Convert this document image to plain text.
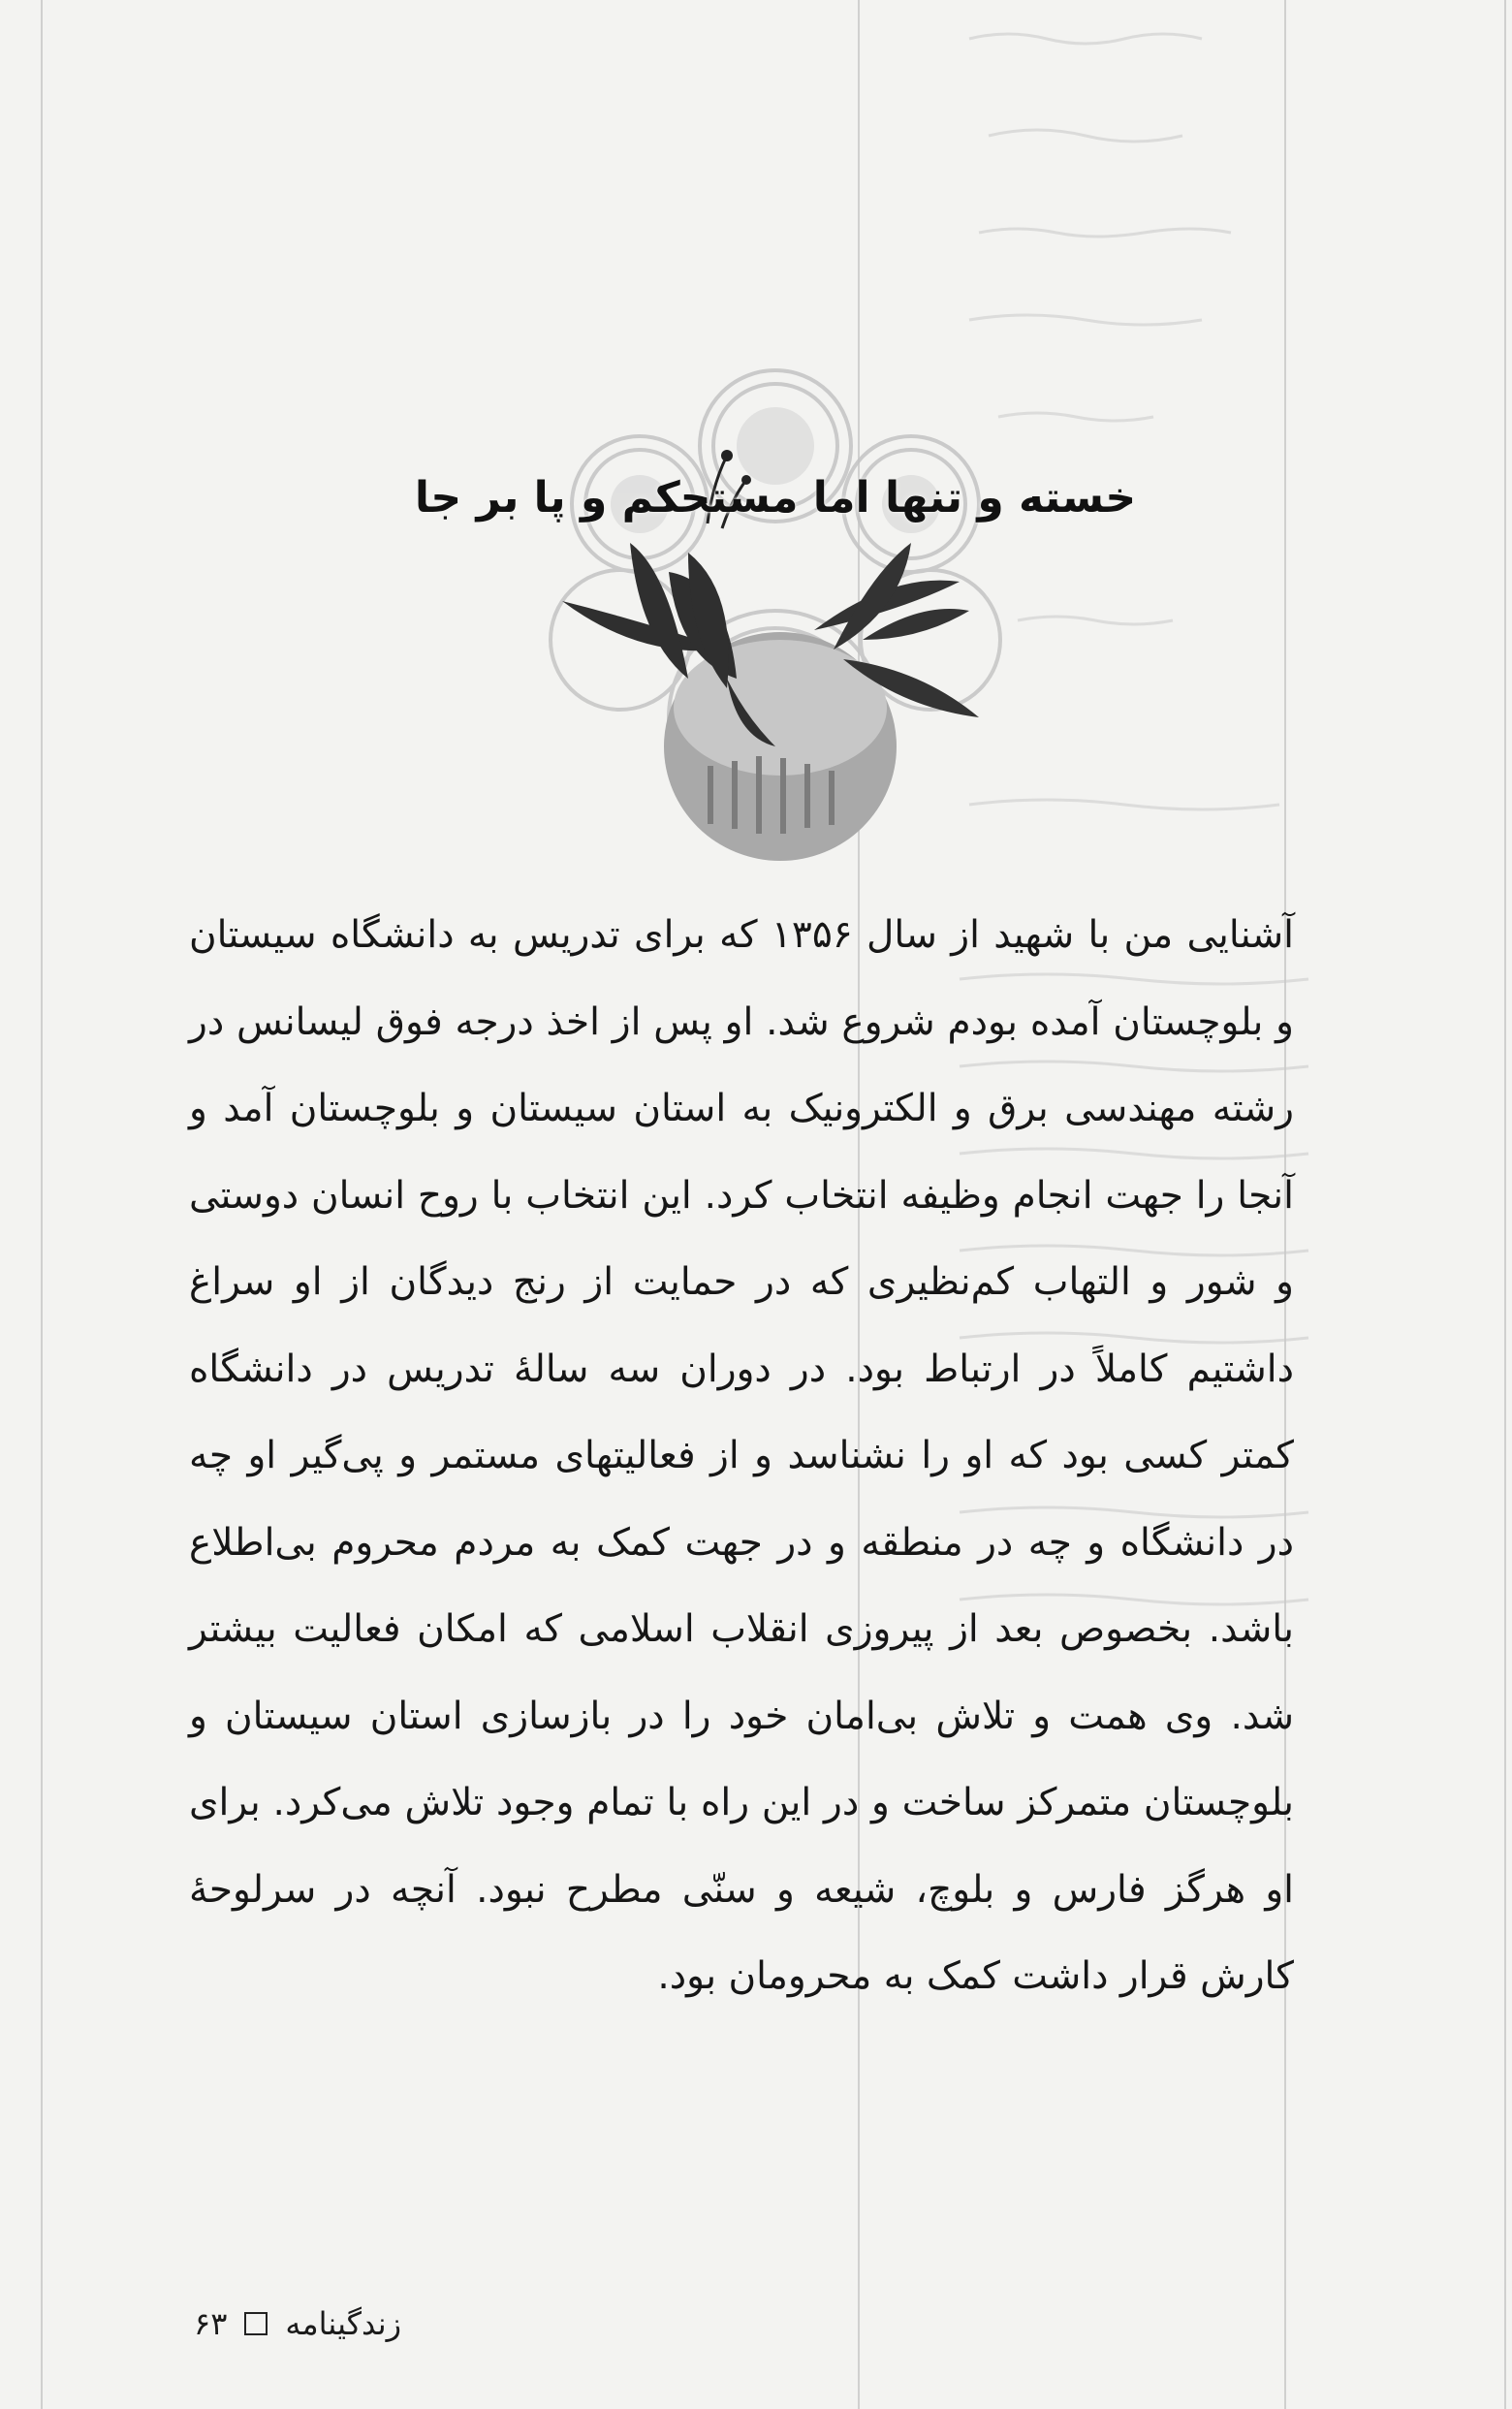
خسته و تنها اما مستحکم و پا بر جا
آشنایی من با شهید از سال ۱۳۵۶ که برای تدریس به دانشگاه سیستان و بلوچستان آمده بودم شروع شد. او پس از اخذ درجه فوق لیسانس در رشته مهندسی برق و الکترونیک به استان سیستان و بلوچستان آمد و آنجا را جهت انجام وظیفه انتخاب کرد. این انتخاب با روح انسان دوستی و شور و التهاب کم‌نظیری که در حمایت از رنج دیدگان از او سراغ داشتیم کاملاً در ارتباط بود. در دوران سه سالهٔ تدریس در دانشگاه کمتر کسی بود که او را نشناسد و از فعالیتهای مستمر و پی‌گیر او چه در دانشگاه و چه در منطقه و در جهت کمک به مردم محروم بی‌اطلاع باشد. بخصوص بعد از پیروزی انقلاب اسلامی که امکان فعالیت بیشتر شد. وی همت و تلاش بی‌امان خود را در بازسازی استان سیستان و بلوچستان متمرکز ساخت و در این راه با تمام وجود تلاش می‌کرد. برای او هرگز فارس و بلوچ، شیعه و سنّی مطرح نبود. آنچه در سرلوحهٔ کارش قرار داشت کمک به محرومان بود.
زندگینامه
۶۳
